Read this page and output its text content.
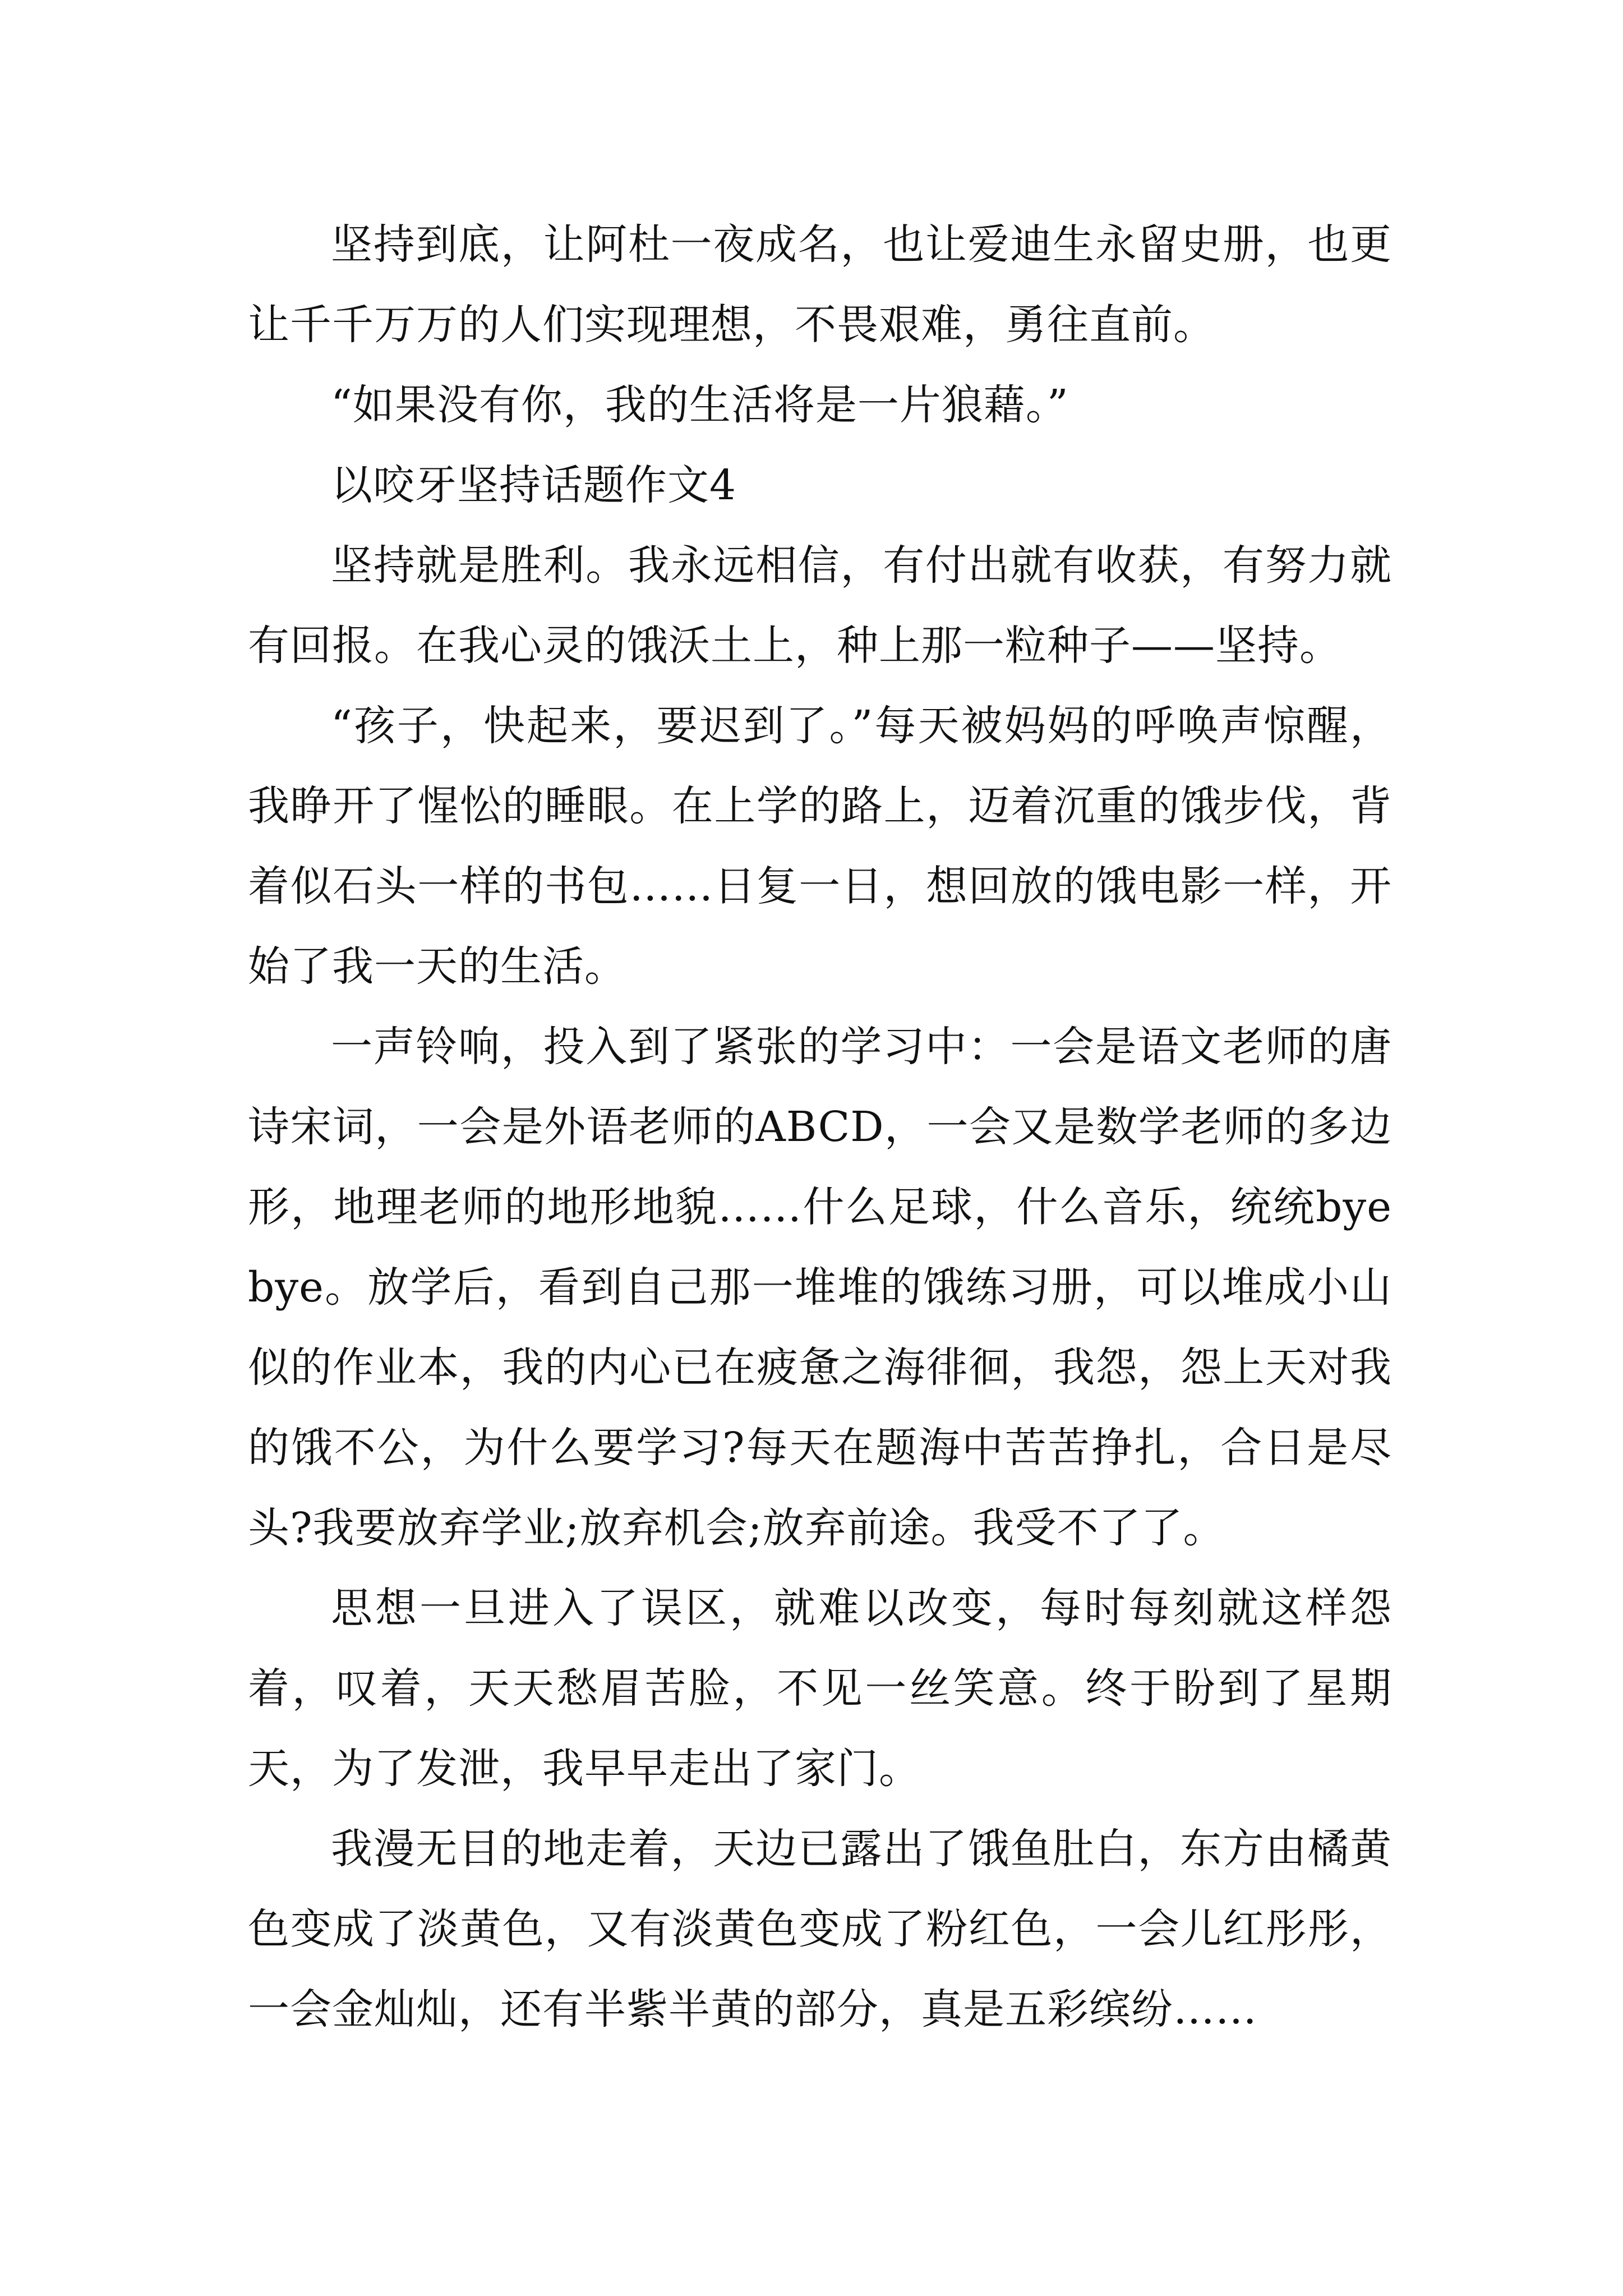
坚持到底，让阿杜一夜成名，也让爱迪生永留史册，也更让千千万万的人们实现理想，不畏艰难，勇往直前。

“如果没有你，我的生活将是一片狼藉。”

以咬牙坚持话题作文4

坚持就是胜利。我永远相信，有付出就有收获，有努力就有回报。在我心灵的饿沃土上，种上那一粒种子——坚持。

“孩子，快起来，要迟到了。”每天被妈妈的呼唤声惊醒，我睁开了惺忪的睡眼。在上学的路上，迈着沉重的饿步伐，背着似石头一样的书包……日复一日，想回放的饿电影一样，开始了我一天的生活。

一声铃响，投入到了紧张的学习中：一会是语文老师的唐诗宋词，一会是外语老师的ABCD，一会又是数学老师的多边形，地理老师的地形地貌……什么足球，什么音乐，统统byebye。放学后，看到自己那一堆堆的饿练习册，可以堆成小山似的作业本，我的内心已在疲惫之海徘徊，我怨，怨上天对我的饿不公，为什么要学习?每天在题海中苦苦挣扎，合日是尽头?我要放弃学业;放弃机会;放弃前途。我受不了了。

思想一旦进入了误区，就难以改变，每时每刻就这样怨着，叹着，天天愁眉苦脸，不见一丝笑意。终于盼到了星期天，为了发泄，我早早走出了家门。

我漫无目的地走着，天边已露出了饿鱼肚白，东方由橘黄色变成了淡黄色，又有淡黄色变成了粉红色，一会儿红彤彤，一会金灿灿，还有半紫半黄的部分，真是五彩缤纷……
